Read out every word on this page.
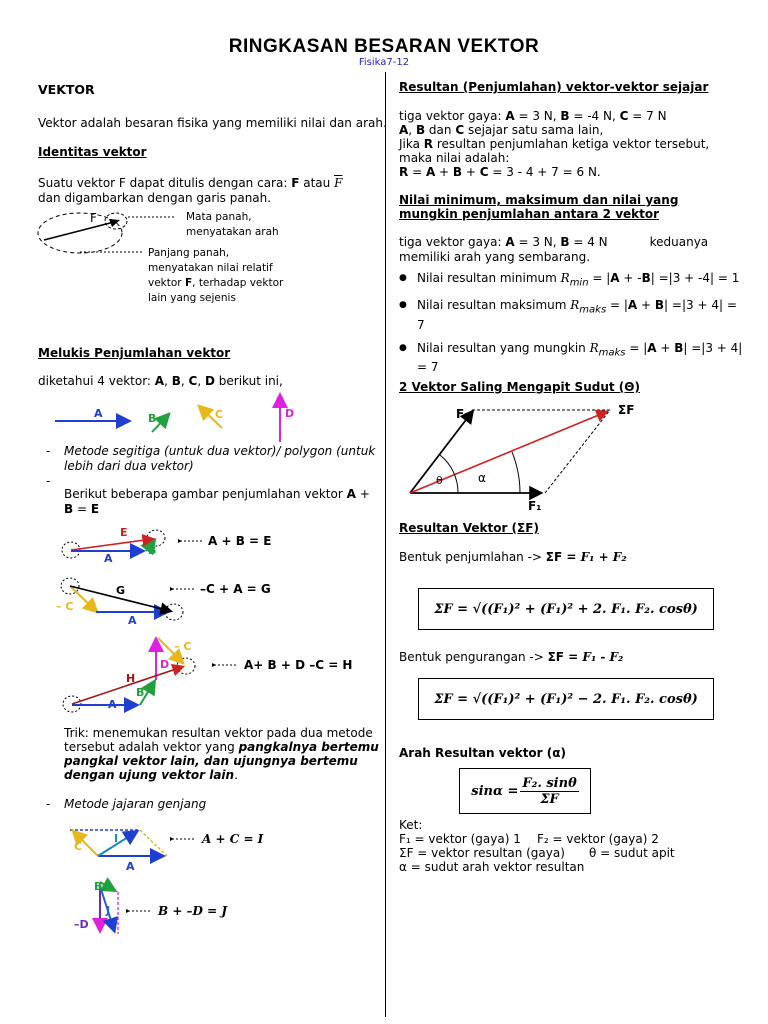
RINGKASAN BESARAN VEKTOR
Fisika7-12
VEKTOR
Vektor adalah besaran fisika yang memiliki nilai dan arah.
Identitas vektor
Suatu vektor F dapat ditulis dengan cara: F atau $\overline{F}$
dan digambarkan dengan garis panah.
F	Mata panah,
menyatakan arah
Panjang panah,
menyatakan nilai relatif
vektor F, terhadap vektor
lain yang sejenis
Melukis Penjumlahan vektor
diketahui 4 vektor: A, B, C, D berikut ini,
A	B	C	D
- Metode segitiga (untuk dua vektor)/ polygon (untuk lebih dari dua vektor)
-
Berikut beberapa gambar penjumlahan vektor A + B = E
E
A
B
A + B = E
G
– C
A
–C + A = G
H
A
B
D
– C
A+ B + D –C = H
Trik: menemukan resultan vektor pada dua metode
tersebut adalah vektor yang pangkalnya bertemu
pangkal vektor lain, dan ujungnya bertemu
dengan ujung vektor lain.
- Metode jajaran genjang
I
C
A
A + C = I
B
J
–D
B + –D = J
Resultan (Penjumlahan) vektor-vektor sejajar
tiga vektor gaya: A = 3 N, B = -4 N, C = 7 N
A, B dan C sejajar satu sama lain,
Jika R resultan penjumlahan ketiga vektor tersebut,
maka nilai adalah:
R = A + B + C = 3 - 4 + 7 = 6 N.
Nilai minimum, maksimum dan nilai yang mungkin penjumlahan antara 2 vektor
tiga vektor gaya: A = 3 N, B = 4 N           keduanya
memiliki arah yang sembarang.
● Nilai resultan minimum $R_{min} = |A + -B| =|3 + -4| = 1$
● Nilai resultan maksimum $R_{maks} = |A + B| =|3 + 4| = 7$
● Nilai resultan yang mungkin $R_{maks} = |A + B| =|3 + 4| = 7$
2 Vektor Saling Mengapit Sudut (Θ)
F₂
F₁
ΣF
θ	α
Resultan Vektor (ΣF)
Bentuk penjumlahan -> ΣF = F₁ + F₂
ΣF = √((F₁)² + (F₁)² + 2. F₁. F₂. cosθ)
Bentuk pengurangan -> ΣF = F₁ - F₂
ΣF = √((F₁)² + (F₁)² − 2. F₁. F₂. cosθ)
Arah Resultan vektor (α)
$\sin\alpha = \frac{\text{F₂. sinθ}}{\Sigma F}$
Ket:
F₁ = vektor (gaya) 1	F₂ = vektor (gaya) 2
ΣF = vektor resultan (gaya)	θ = sudut apit
α = sudut arah vektor resultan
